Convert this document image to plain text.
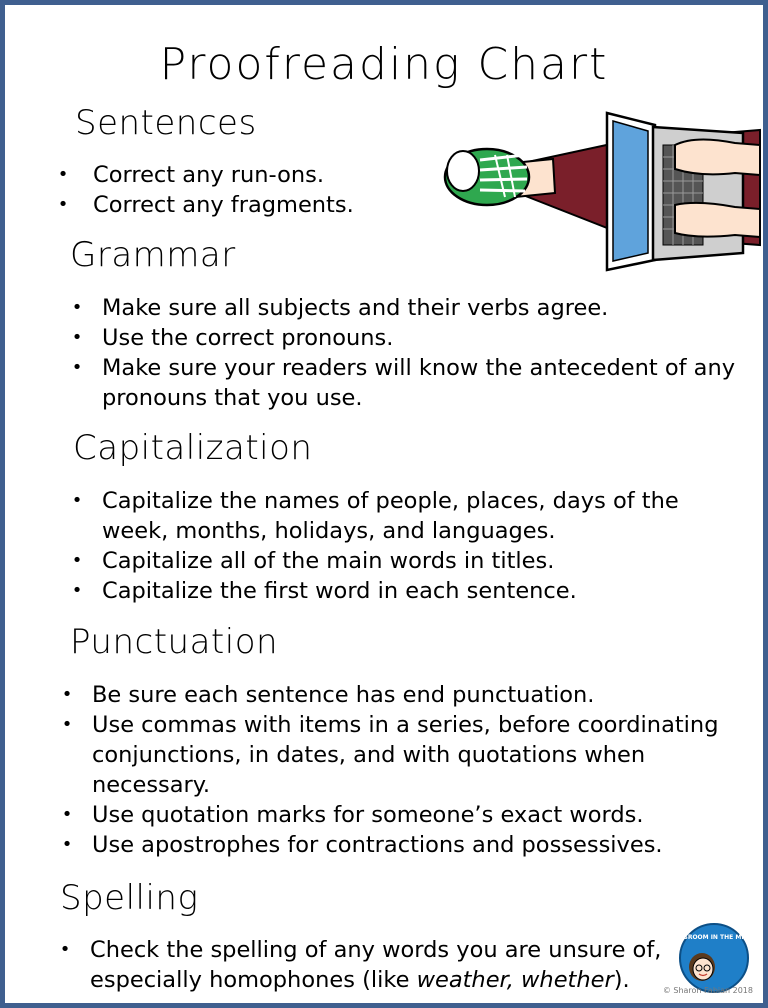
Proofreading Chart
Sentences
• Correct any run-ons.
• Correct any fragments.
Grammar
• Make sure all subjects and their verbs agree.
• Use the correct pronouns.
• Make sure your readers will know the antecedent of any pronouns that you use.
Capitalization
• Capitalize the names of people, places, days of the week, months, holidays, and languages.
• Capitalize all of the main words in titles.
• Capitalize the first word in each sentence.
Punctuation
• Be sure each sentence has end punctuation.
• Use commas with items in a series, before coordinating conjunctions, in dates, and with quotations when necessary.
• Use quotation marks for someone’s exact words.
• Use apostrophes for contractions and possessives.
Spelling
• Check the spelling of any words you are unsure of, especially homophones (like weather, whether).
CLASSROOM IN THE MIDDLE
© Sharon Fabian 2018
